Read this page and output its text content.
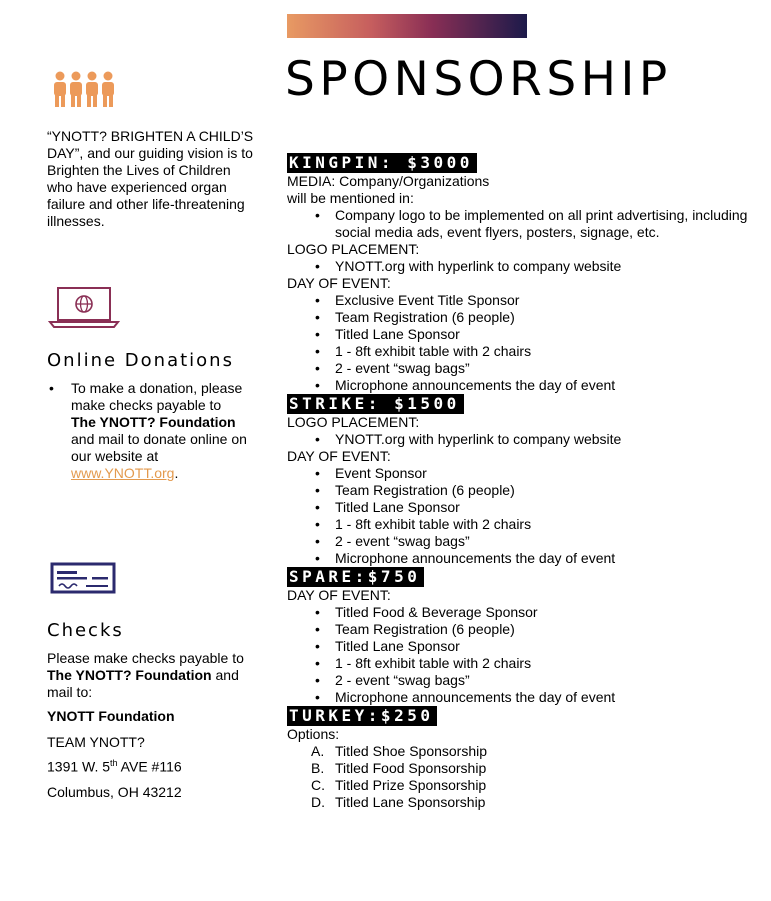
SPONSORSHIP
“YNOTT? BRIGHTEN A CHILD’S DAY”, and our guiding vision is to Brighten the Lives of Children who have experienced organ failure and other life-threatening illnesses.
Online Donations
• To make a donation, please make checks payable to The YNOTT? Foundation and mail to donate online on our website at www.YNOTT.org.
Checks
Please make checks payable to The YNOTT? Foundation and mail to:
YNOTT Foundation
TEAM YNOTT?
1391 W. 5th AVE #116
Columbus, OH 43212
KINGPIN: $3000
MEDIA: Company/Organizations
will be mentioned in:
• Company logo to be implemented on all print advertising, including social media ads, event flyers, posters, signage, etc.
LOGO PLACEMENT:
• YNOTT.org with hyperlink to company website
DAY OF EVENT:
• Exclusive Event Title Sponsor
• Team Registration (6 people)
• Titled Lane Sponsor
• 1 - 8ft exhibit table with 2 chairs
• 2 - event “swag bags”
• Microphone announcements the day of event
STRIKE: $1500
LOGO PLACEMENT:
• YNOTT.org with hyperlink to company website
DAY OF EVENT:
• Event Sponsor
• Team Registration (6 people)
• Titled Lane Sponsor
• 1 - 8ft exhibit table with 2 chairs
• 2 - event “swag bags”
• Microphone announcements the day of event
SPARE:$750
DAY OF EVENT:
• Titled Food & Beverage Sponsor
• Team Registration (6 people)
• Titled Lane Sponsor
• 1 - 8ft exhibit table with 2 chairs
• 2 - event “swag bags”
• Microphone announcements the day of event
TURKEY:$250
Options:
A. Titled Shoe Sponsorship
B. Titled Food Sponsorship
C. Titled Prize Sponsorship
D. Titled Lane Sponsorship
